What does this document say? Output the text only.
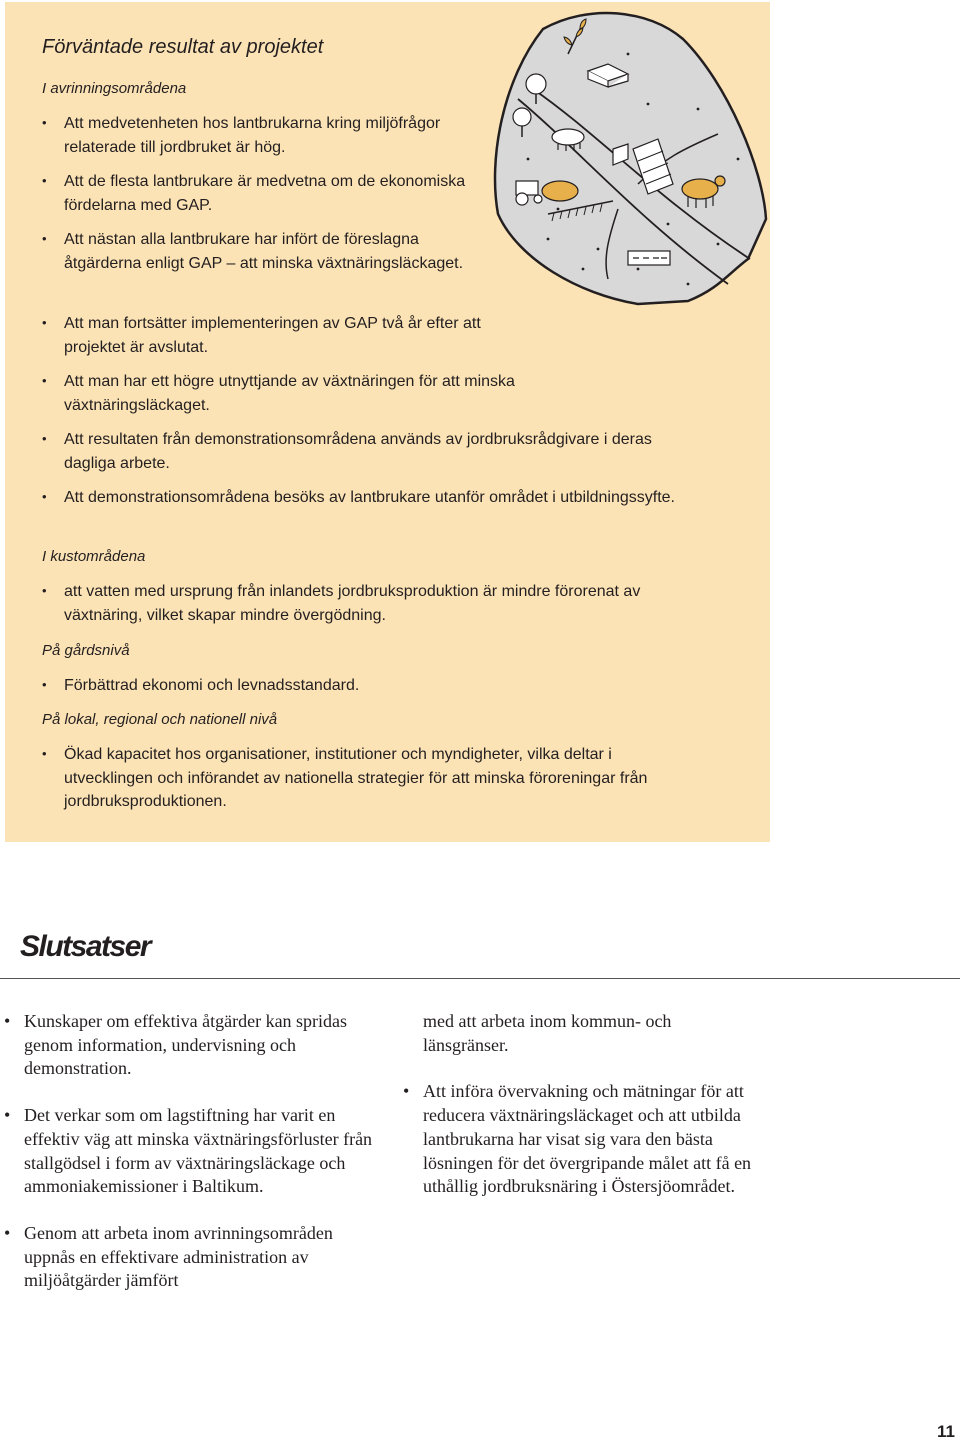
Förväntade resultat av projektet

I avrinningsområdena

• Att medvetenheten hos lantbrukarna kring miljöfrågor relaterade till jordbruket är hög.
• Att de flesta lantbrukare är medvetna om de ekonomiska fördelarna med GAP.
• Att nästan alla lantbrukare har infört de föreslagna åtgärderna enligt GAP – att minska växtnäringsläckaget.
• Att man fortsätter implementeringen av GAP två år efter att projektet är avslutat.
• Att man har ett högre utnyttjande av växtnäringen för att minska växtnäringsläckaget.
• Att resultaten från demonstrationsområdena används av jordbruksrådgivare i deras dagliga arbete.
• Att demonstrationsområdena besöks av lantbrukare utanför området i utbildningssyfte.

I kustområdena

• att vatten med ursprung från inlandets jordbruksproduktion är mindre förorenat av växtnäring, vilket skapar mindre övergödning.

På gårdsnivå

• Förbättrad ekonomi och levnadsstandard.

På lokal, regional och nationell nivå

• Ökad kapacitet hos organisationer, institutioner och myndigheter, vilka deltar i utvecklingen och införandet av nationella strategier för att minska föroreningar från jordbruksproduktionen.
Slutsatser
• Kunskaper om effektiva åtgärder kan spridas genom information, undervisning och demonstration.
• Det verkar som om lagstiftning har varit en effektiv väg att minska växtnäringsförluster från stallgödsel i form av växtnäringsläckage och ammoniakemissioner i Baltikum.
• Genom att arbeta inom avrinningsområden uppnås en effektivare administration av miljöåtgärder jämfört
med att arbeta inom kommun- och länsgränser.
• Att införa övervakning och mätningar för att reducera växtnäringsläckaget och att utbilda lantbrukarna har visat sig vara den bästa lösningen för det övergripande målet att få en uthållig jordbruksnäring i Östersjöområdet.

11
